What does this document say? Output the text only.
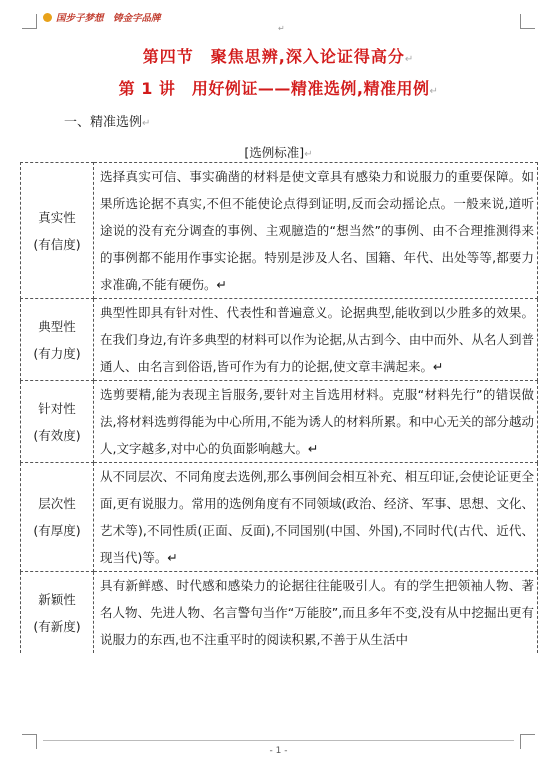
国步子梦想　铸金字品牌
↵
第四节　聚焦思辨,深入论证得高分↵
第 1 讲　用好例证——精准选例,精准用例↵
一、精准选例↵
[选例标准]↵
真实性
(有信度)	选择真实可信、事实确凿的材料是使文章具有感染力和说服力的重要保障。如果所选论据不真实,不但不能使论点得到证明,反而会动摇论点。一般来说,道听途说的没有充分调查的事例、主观臆造的“想当然”的事例、由不合理推测得来的事例都不能用作事实论据。特别是涉及人名、国籍、年代、出处等等,都要力求准确,不能有硬伤。↵

典型性
(有力度)	典型性即具有针对性、代表性和普遍意义。论据典型,能收到以少胜多的效果。在我们身边,有许多典型的材料可以作为论据,从古到今、由中而外、从名人到普通人、由名言到俗语,皆可作为有力的论据,使文章丰满起来。↵

针对性
(有效度)	选剪要精,能为表现主旨服务,要针对主旨选用材料。克服“材料先行”的错误做法,将材料选剪得能为中心所用,不能为诱人的材料所累。和中心无关的部分越动人,文字越多,对中心的负面影响越大。↵

层次性
(有厚度)	从不同层次、不同角度去选例,那么事例间会相互补充、相互印证,会使论证更全面,更有说服力。常用的选例角度有不同领域(政治、经济、军事、思想、文化、艺术等),不同性质(正面、反面),不同国别(中国、外国),不同时代(古代、近代、现当代)等。↵

新颖性
(有新度)	具有新鲜感、时代感和感染力的论据往往能吸引人。有的学生把领袖人物、著名人物、先进人物、名言警句当作“万能胶”,而且多年不变,没有从中挖掘出更有说服力的东西,也不注重平时的阅读积累,不善于从生活中
- 1 -
